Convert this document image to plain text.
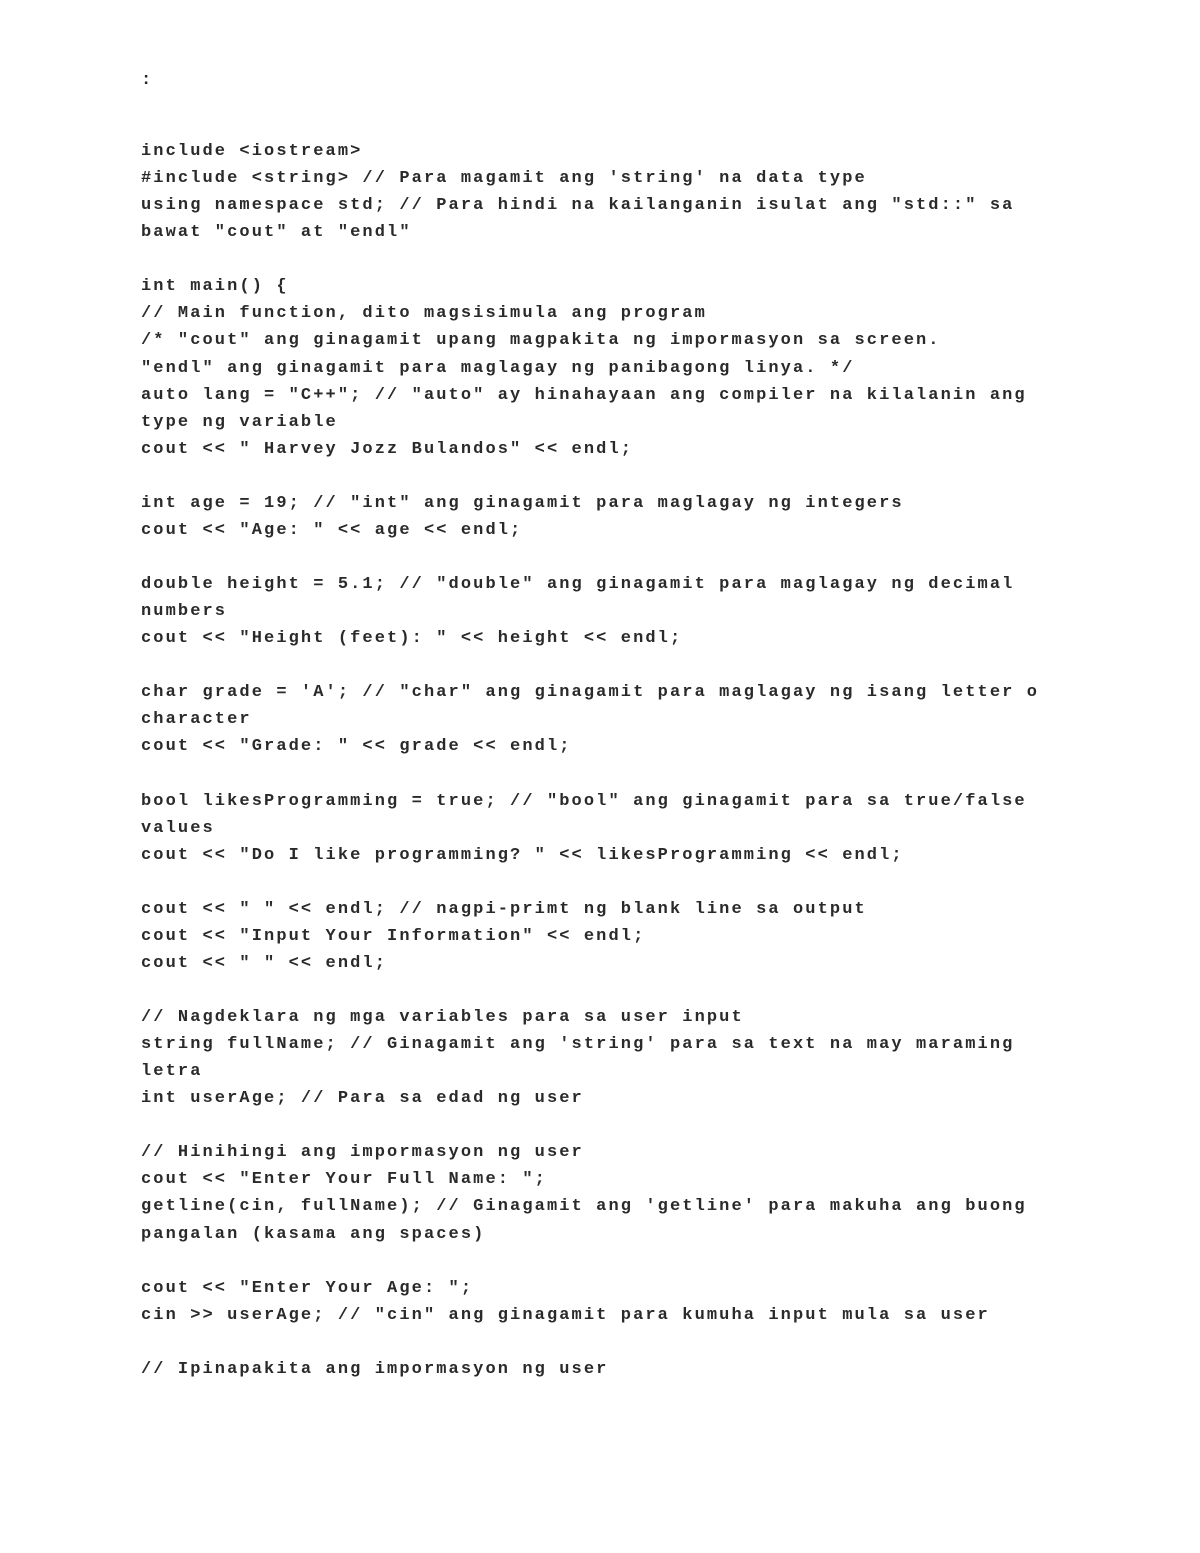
:
include <iostream>
#include <string> // Para magamit ang 'string' na data type
using namespace std; // Para hindi na kailanganin isulat ang "std::" sa
bawat "cout" at "endl"
int main() {
// Main function, dito magsisimula ang program
/* "cout" ang ginagamit upang magpakita ng impormasyon sa screen.
"endl" ang ginagamit para maglagay ng panibagong linya. */
auto lang = "C++"; // "auto" ay hinahayaan ang compiler na kilalanin ang
type ng variable
cout << " Harvey Jozz Bulandos" << endl;
int age = 19; // "int" ang ginagamit para maglagay ng integers
cout << "Age: " << age << endl;
double height = 5.1; // "double" ang ginagamit para maglagay ng decimal
numbers
cout << "Height (feet): " << height << endl;
char grade = 'A'; // "char" ang ginagamit para maglagay ng isang letter o
character
cout << "Grade: " << grade << endl;
bool likesProgramming = true; // "bool" ang ginagamit para sa true/false
values
cout << "Do I like programming? " << likesProgramming << endl;
cout << " " << endl; // nagpi-primt ng blank line sa output
cout << "Input Your Information" << endl;
cout << " " << endl;
// Nagdeklara ng mga variables para sa user input
string fullName; // Ginagamit ang 'string' para sa text na may maraming
letra
int userAge; // Para sa edad ng user
// Hinihingi ang impormasyon ng user
cout << "Enter Your Full Name: ";
getline(cin, fullName); // Ginagamit ang 'getline' para makuha ang buong
pangalan (kasama ang spaces)
cout << "Enter Your Age: ";
cin >> userAge; // "cin" ang ginagamit para kumuha input mula sa user
// Ipinapakita ang impormasyon ng user
